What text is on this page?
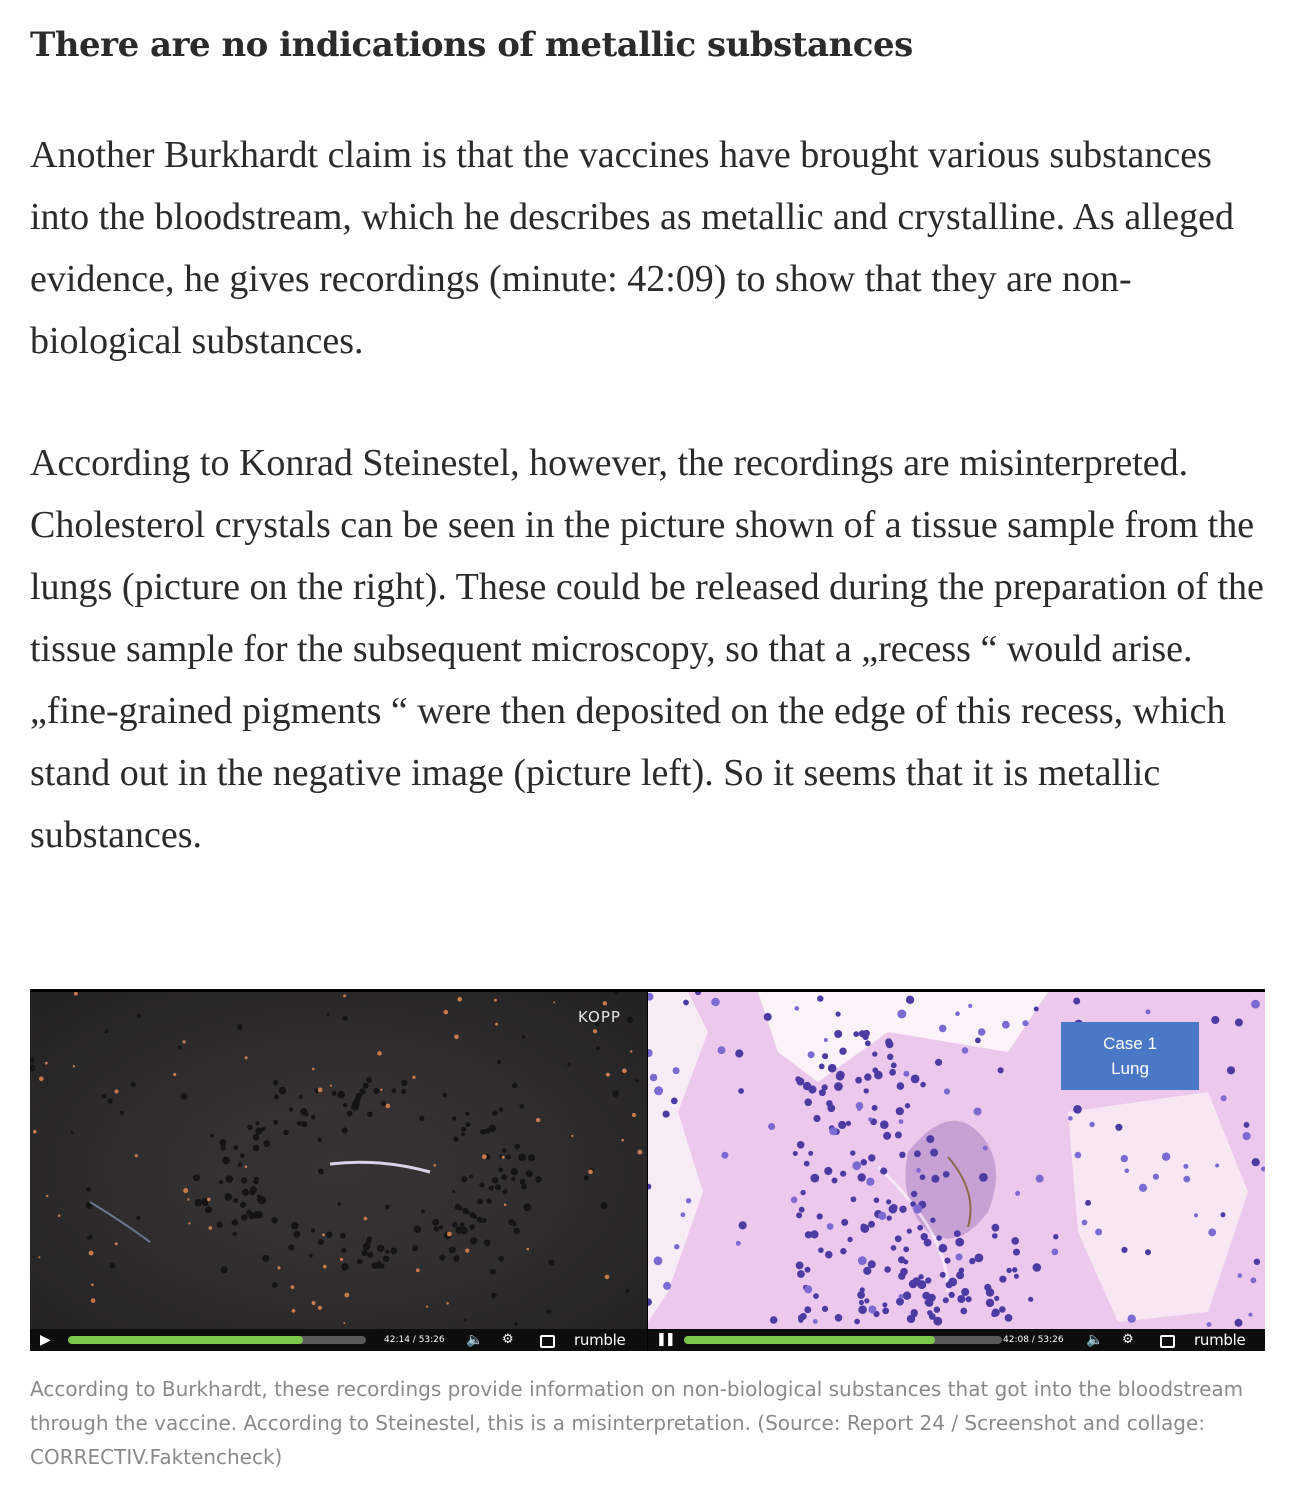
There are no indications of metallic substances

Another Burkhardt claim is that the vaccines have brought various substances into the bloodstream, which he describes as metallic and crystalline. As alleged evidence, he gives recordings (minute: 42:09) to show that they are non-biological substances.

According to Konrad Steinestel, however, the recordings are misinterpreted. Cholesterol crystals can be seen in the picture shown of a tissue sample from the lungs (picture on the right). These could be released during the preparation of the tissue sample for the subsequent microscopy, so that a „recess “ would arise. „fine-grained pigments “ were then deposited on the edge of this recess, which stand out in the negative image (picture left). So it seems that it is metallic substances.

KOPP
▶	42:14 / 53:26 🔈 ⚙	rumble
Case 1
Lung
❚❚	42:08 / 53:26 🔈 ⚙	rumble

According to Burkhardt, these recordings provide information on non-biological substances that got into the bloodstream through the vaccine. According to Steinestel, this is a misinterpretation. (Source: Report 24 / Screenshot and collage: CORRECTIV.Faktencheck)
